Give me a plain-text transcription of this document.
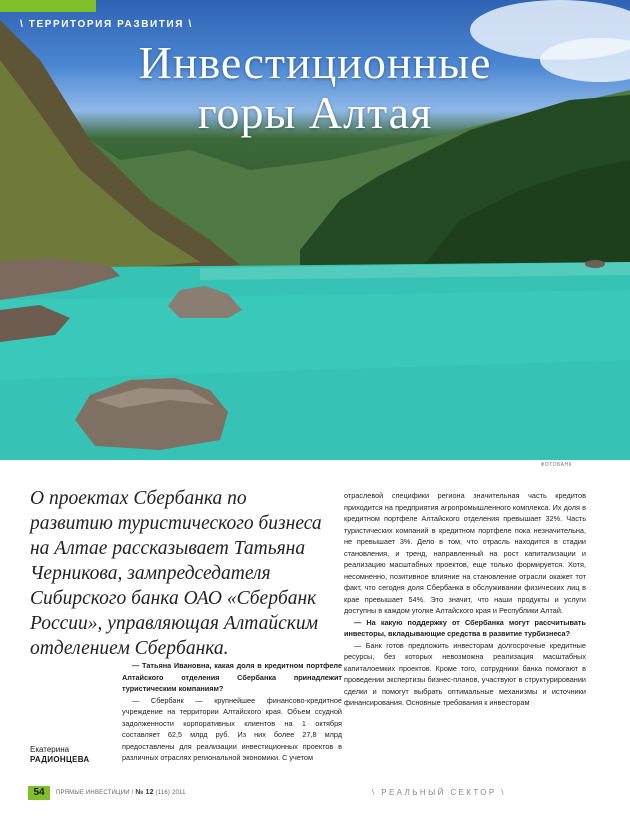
\ ТЕРРИТОРИЯ РАЗВИТИЯ \
Инвестиционные
горы Алтая
ФОТОБАНК
О проектах Сбербанка по развитию туристического бизнеса на Алтае рассказывает Татьяна Черникова, зампредседателя Сибирского банка ОАО «Сбербанк России», управляющая Алтайским отделением Сбербанка.
Екатерина
РАДИОНЦЕВА

— Татьяна Ивановна, какая доля в кредитном портфеле Алтайского отделения Сбербанка принадлежит туристическим компаниям?

— Сбербанк — крупнейшее финансово-кредитное учреждение на территории Алтайского края. Объем ссудной задолженности корпоративных клиентов на 1 октября составляет 62,5 млрд руб. Из них более 27,8 млрд предоставлены для реализации инвестиционных проектов в различных отраслях региональной экономики. С учетом

отраслевой специфики региона значительная часть кредитов приходится на предприятия агропромышленного комплекса. Их доля в кредитном портфеле Алтайского отделения превышает 32%. Часть туристических компаний в кредитном портфеле пока незначительна, не превышает 3%. Дело в том, что отрасль находится в стадии становления, и тренд, направленный на рост капитализации и реализацию масштабных проектов, еще только формируется. Хотя, несомненно, позитивное влияние на становление отрасли окажет тот факт, что сегодня доля Сбербанка в обслуживании физических лиц в крае превышает 54%. Это значит, что наши продукты и услуги доступны в каждом уголке Алтайского края и Республики Алтай.

— На какую поддержку от Сбербанка могут рассчитывать инвесторы, вкладывающие средства в развитие турбизнеса?

— Банк готов предложить инвесторам долгосрочные кредитные ресурсы, без которых невозможна реализация масштабных капиталоемких проектов. Кроме того, сотрудники банка помогают в проведении экспертизы бизнес-планов, участвуют в структурировании сделки и помогут выбрать оптимальные механизмы и источники финансирования. Основные требования к инвесторам

54	ПРЯМЫЕ ИНВЕСТИЦИИ / № 12 (116) 2011	\ РЕАЛЬНЫЙ СЕКТОР \
